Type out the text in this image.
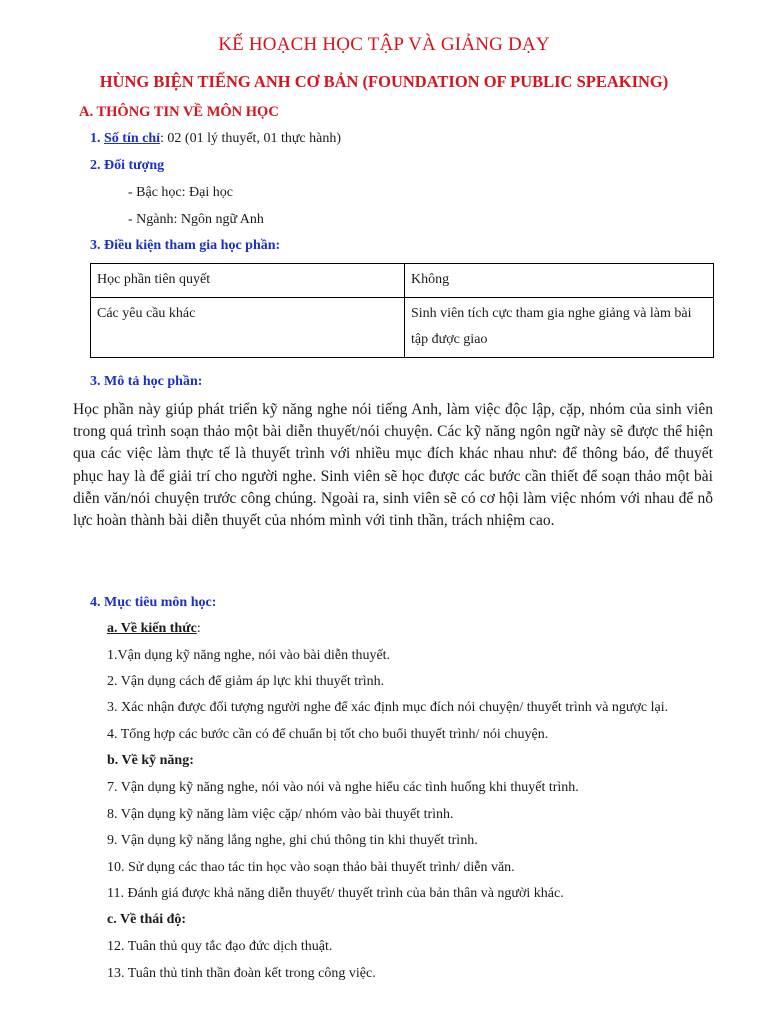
KẾ HOẠCH HỌC TẬP VÀ GIẢNG DẠY
HÙNG BIỆN TIẾNG ANH CƠ BẢN (FOUNDATION OF PUBLIC SPEAKING)
A. THÔNG TIN VỀ MÔN HỌC
1. Số tín chỉ: 02 (01 lý thuyết, 01 thực hành)
2. Đối tượng
- Bậc học: Đại học
- Ngành: Ngôn ngữ Anh
3. Điều kiện tham gia học phần:
Học phần tiên quyết	Không
Các yêu cầu khác	Sinh viên tích cực tham gia nghe giảng và làm bài tập được giao
3. Mô tả học phần:
Học phần này giúp phát triển kỹ năng nghe nói tiếng Anh, làm việc độc lập, cặp, nhóm của sinh viên trong quá trình soạn thảo một bài diễn thuyết/nói chuyện. Các kỹ năng ngôn ngữ này sẽ được thể hiện qua các việc làm thực tế là thuyết trình với nhiều mục đích khác nhau như: để thông báo, để thuyết phục hay là để giải trí cho người nghe. Sinh viên sẽ học được các bước cần thiết để soạn thảo một bài diễn văn/nói chuyện trước công chúng. Ngoài ra, sinh viên sẽ có cơ hội làm việc nhóm với nhau để nỗ lực hoàn thành bài diễn thuyết của nhóm mình với tinh thần, trách nhiệm cao.
4. Mục tiêu môn học:
a. Về kiến thức:
1.Vận dụng kỹ năng nghe, nói vào bài diễn thuyết.
2. Vận dụng cách để giảm áp lực khi thuyết trình.
3. Xác nhận được đối tượng người nghe để xác định mục đích nói chuyện/ thuyết trình và ngược lại.
4. Tổng hợp các bước cần có để chuẩn bị tốt cho buổi thuyết trình/ nói chuyện.
b. Về kỹ năng:
7. Vận dụng kỹ năng nghe, nói vào nói và nghe hiểu các tình huống khi thuyết trình.
8. Vận dụng kỹ năng làm việc cặp/ nhóm vào bài thuyết trình.
9. Vận dụng kỹ năng lắng nghe, ghi chú thông tin khi thuyết trình.
10. Sử dụng các thao tác tin học vào soạn thảo bài thuyết trình/ diễn văn.
11. Đánh giá được khả năng diễn thuyết/ thuyết trình của bản thân và người khác.
c. Về thái độ:
12. Tuân thủ quy tắc đạo đức dịch thuật.
13. Tuân thủ tinh thần đoàn kết trong công việc.
